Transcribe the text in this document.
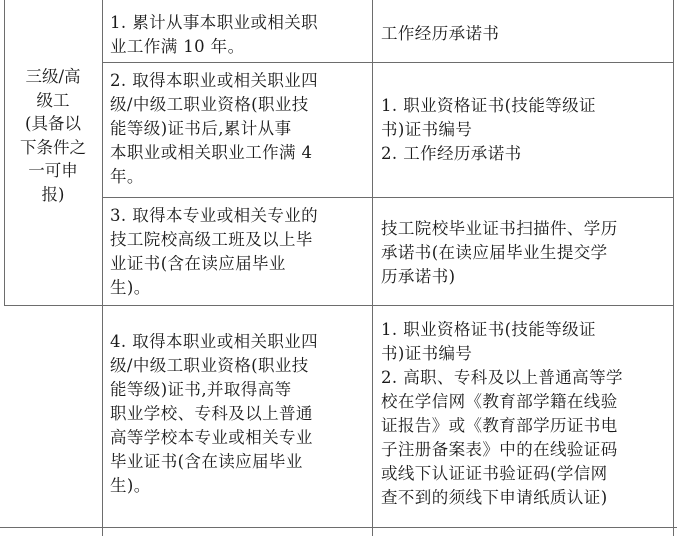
三级/高
级工
(具备以
下条件之
一可申
报)
1. 累计从事本职业或相关职
业工作满 10 年。
工作经历承诺书
2. 取得本职业或相关职业四
级/中级工职业资格(职业技
能等级)证书后,累计从事
本职业或相关职业工作满 4
年。
1. 职业资格证书(技能等级证
书)证书编号
2. 工作经历承诺书
3. 取得本专业或相关专业的
技工院校高级工班及以上毕
业证书(含在读应届毕业
生)。
技工院校毕业证书扫描件、学历
承诺书(在读应届毕业生提交学
历承诺书)
4. 取得本职业或相关职业四
级/中级工职业资格(职业技
能等级)证书,并取得高等
职业学校、专科及以上普通
高等学校本专业或相关专业
毕业证书(含在读应届毕业
生)。
1. 职业资格证书(技能等级证
书)证书编号
2. 高职、专科及以上普通高等学
校在学信网《教育部学籍在线验
证报告》或《教育部学历证书电
子注册备案表》中的在线验证码
或线下认证证书验证码(学信网
查不到的须线下申请纸质认证)
